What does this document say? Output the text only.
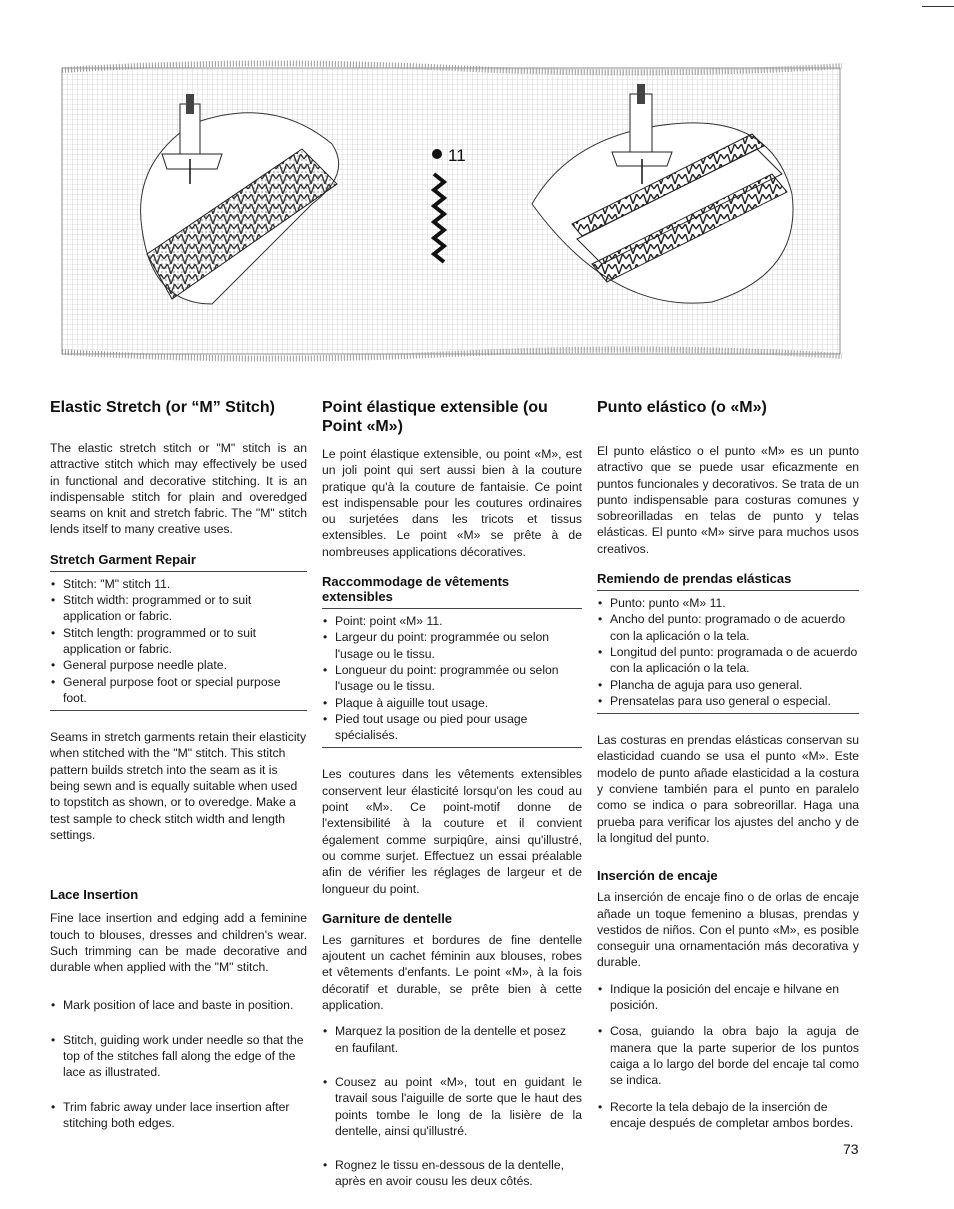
11
Elastic Stretch (or “M” Stitch)

The elastic stretch stitch or "M" stitch is an attractive stitch which may effectively be used in functional and decorative stitching. It is an indispensable stitch for plain and overedged seams on knit and stretch fabric. The "M" stitch lends itself to many creative uses.

Stretch Garment Repair
• Stitch: "M" stitch 11.
• Stitch width: programmed or to suit application or fabric.
• Stitch length: programmed or to suit application or fabric.
• General purpose needle plate.
• General purpose foot or special purpose foot.

Seams in stretch garments retain their elasticity when stitched with the "M" stitch. This stitch pattern builds stretch into the seam as it is being sewn and is equally suitable when used to topstitch as shown, or to overedge. Make a test sample to check stitch width and length settings.

Lace Insertion

Fine lace insertion and edging add a feminine touch to blouses, dresses and children's wear. Such trimming can be made decorative and durable when applied with the "M" stitch.

• Mark position of lace and baste in position.
• Stitch, guiding work under needle so that the top of the stitches fall along the edge of the lace as illustrated.
• Trim fabric away under lace insertion after stitching both edges.
Point élastique extensible (ou Point «M»)

Le point élastique extensible, ou point «M», est un joli point qui sert aussi bien à la couture pratique qu'à la couture de fantaisie. Ce point est indispensable pour les coutures ordinaires ou surjetées dans les tricots et tissus extensibles. Le point «M» se prête à de nombreuses applications décoratives.

Raccommodage de vêtements extensibles
• Point: point «M» 11.
• Largeur du point: programmée ou selon l'usage ou le tissu.
• Longueur du point: programmée ou selon l'usage ou le tissu.
• Plaque à aiguille tout usage.
• Pied tout usage ou pied pour usage spécialisés.

Les coutures dans les vêtements extensibles conservent leur élasticité lorsqu'on les coud au point «M». Ce point-motif donne de l'extensibilité à la couture et il convient également comme surpiqûre, ainsi qu'illustré, ou comme surjet. Effectuez un essai préalable afin de vérifier les réglages de largeur et de longueur du point.

Garniture de dentelle

Les garnitures et bordures de fine dentelle ajoutent un cachet féminin aux blouses, robes et vêtements d'enfants. Le point «M», à la fois décoratif et durable, se prête bien à cette application.

• Marquez la position de la dentelle et posez en faufilant.
• Cousez au point «M», tout en guidant le travail sous l'aiguille de sorte que le haut des points tombe le long de la lisière de la dentelle, ainsi qu'illustré.
• Rognez le tissu en-dessous de la dentelle, après en avoir cousu les deux côtés.
Punto elástico (o «M»)

El punto elástico o el punto «M» es un punto atractivo que se puede usar eficazmente en puntos funcionales y decorativos. Se trata de un punto indispensable para costuras comunes y sobreorilladas en telas de punto y telas elásticas. El punto «M» sirve para muchos usos creativos.

Remiendo de prendas elásticas
• Punto: punto «M» 11.
• Ancho del punto: programado o de acuerdo con la aplicación o la tela.
• Longitud del punto: programada o de acuerdo con la aplicación o la tela.
• Plancha de aguja para uso general.
• Prensatelas para uso general o especial.

Las costuras en prendas elásticas conservan su elasticidad cuando se usa el punto «M». Este modelo de punto añade elasticidad a la costura y conviene también para el punto en paralelo como se indica o para sobreorillar. Haga una prueba para verificar los ajustes del ancho y de la longitud del punto.

Inserción de encaje

La inserción de encaje fino o de orlas de encaje añade un toque femenino a blusas, prendas y vestidos de niños. Con el punto «M», es posible conseguir una ornamentación más decorativa y durable.

• Indique la posición del encaje e hilvane en posición.
• Cosa, guiando la obra bajo la aguja de manera que la parte superior de los puntos caiga a lo largo del borde del encaje tal como se indica.
• Recorte la tela debajo de la inserción de encaje después de completar ambos bordes.
73
